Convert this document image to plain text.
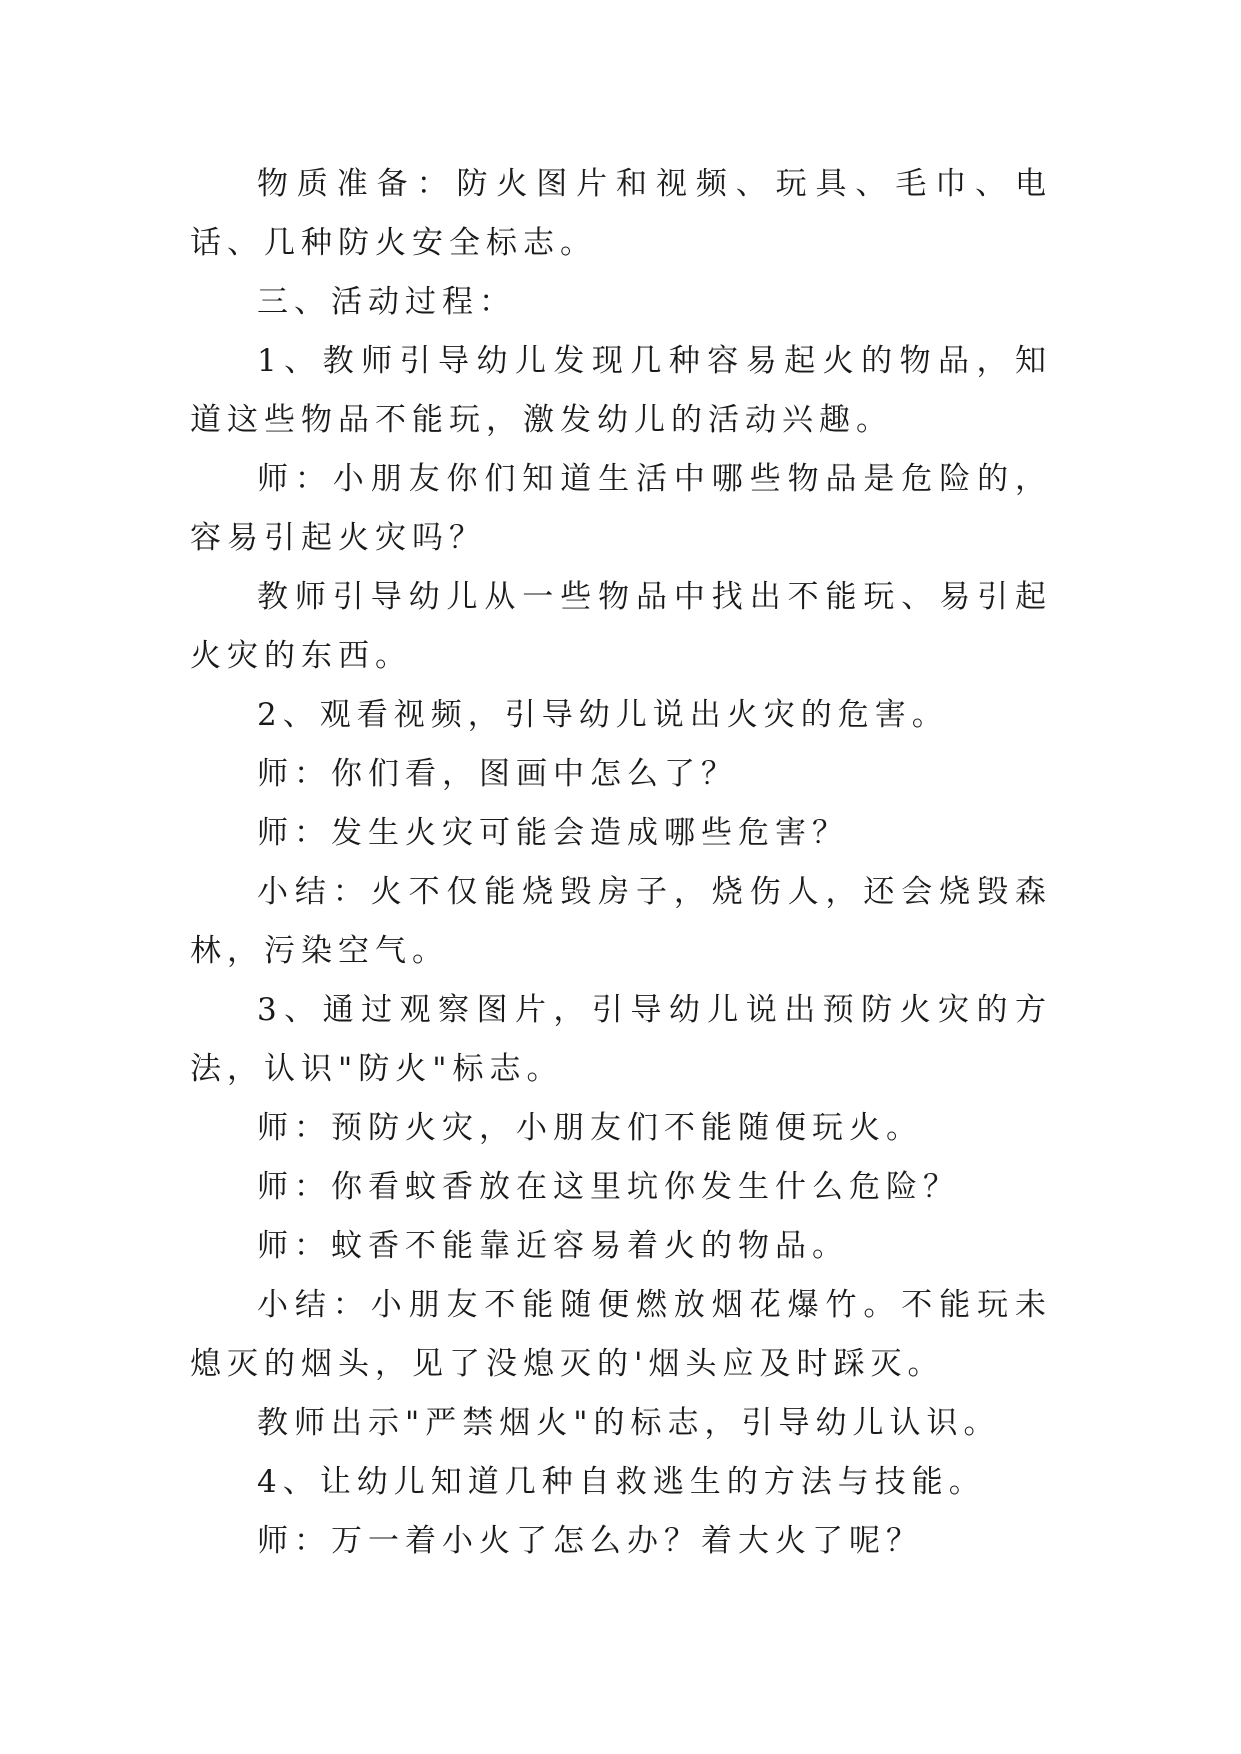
物质准备：防火图片和视频、玩具、毛巾、电话、几种防火安全标志。

三、活动过程：

1、教师引导幼儿发现几种容易起火的物品，知道这些物品不能玩，激发幼儿的活动兴趣。

师：小朋友你们知道生活中哪些物品是危险的，容易引起火灾吗？

教师引导幼儿从一些物品中找出不能玩、易引起火灾的东西。

2、观看视频，引导幼儿说出火灾的危害。

师：你们看，图画中怎么了？

师：发生火灾可能会造成哪些危害？

小结：火不仅能烧毁房子，烧伤人，还会烧毁森林，污染空气。

3、通过观察图片，引导幼儿说出预防火灾的方法，认识"防火"标志。

师：预防火灾，小朋友们不能随便玩火。

师：你看蚊香放在这里坑你发生什么危险？

师：蚊香不能靠近容易着火的物品。

小结：小朋友不能随便燃放烟花爆竹。不能玩未熄灭的烟头，见了没熄灭的'烟头应及时踩灭。

教师出示"严禁烟火"的标志，引导幼儿认识。

4、让幼儿知道几种自救逃生的方法与技能。

师：万一着小火了怎么办？着大火了呢？
